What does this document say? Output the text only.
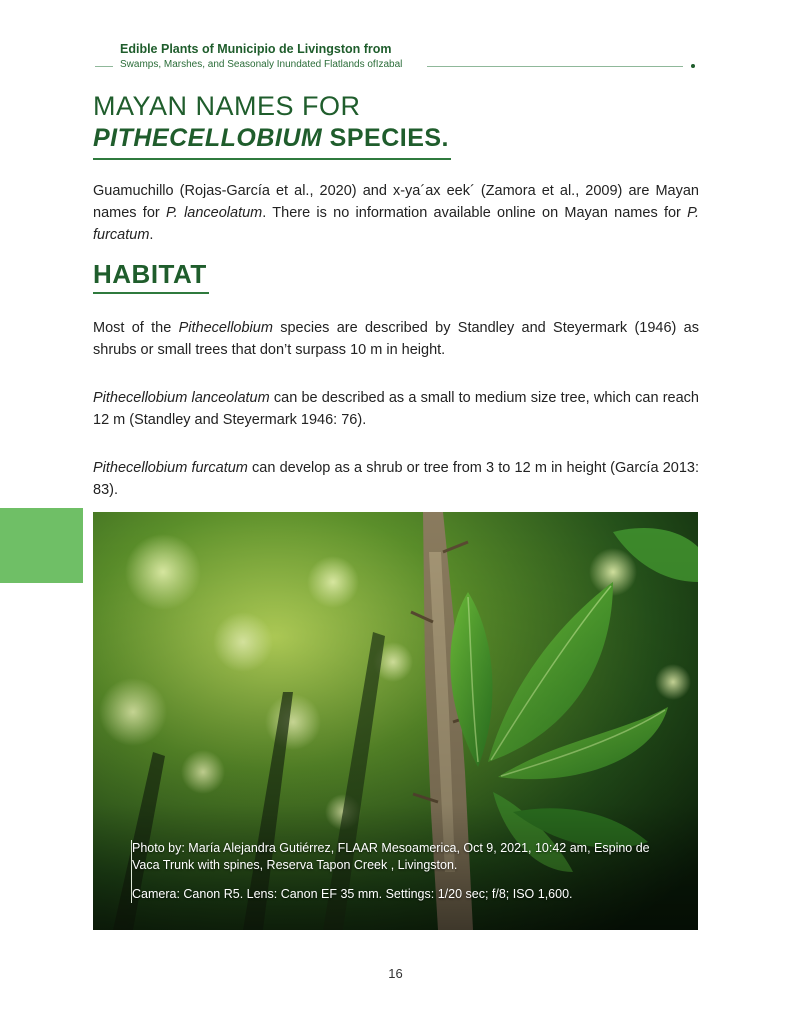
Edible Plants of Municipio de Livingston from
Swamps, Marshes, and Seasonaly Inundated Flatlands ofIzabal
MAYAN NAMES FOR
PITHECELLOBIUM SPECIES.
Guamuchillo (Rojas-García et al., 2020) and x-ya´ax eek´ (Zamora et al., 2009) are Mayan names for P. lanceolatum. There is no information available online on Mayan names for P. furcatum.
HABITAT
Most of the Pithecellobium species are described by Standley and Steyermark (1946) as shrubs or small trees that don’t surpass 10 m in height.
Pithecellobium lanceolatum can be described as a small to medium size tree, which can reach 12 m (Standley and Steyermark 1946: 76).
Pithecellobium furcatum can develop as a shrub or tree from 3 to 12 m in height (García 2013: 83).
Photo by: María Alejandra Gutiérrez, FLAAR Mesoamerica, Oct 9, 2021, 10:42 am, Espino de Vaca Trunk with spines, Reserva Tapon Creek , Livingston.
Camera: Canon R5. Lens: Canon EF 35 mm. Settings: 1/20 sec; f/8; ISO 1,600.
16
